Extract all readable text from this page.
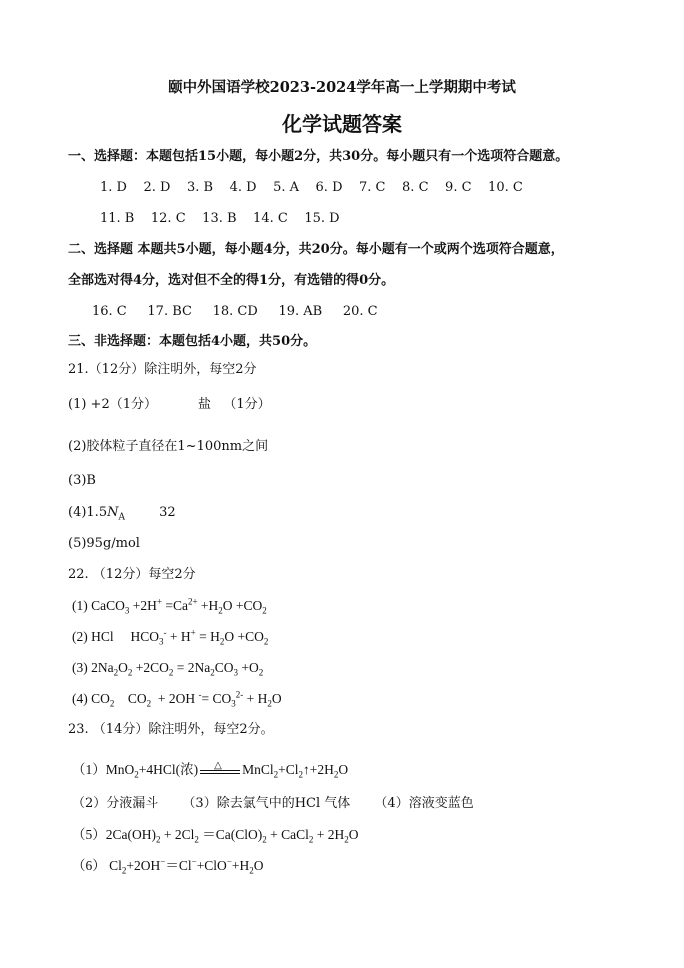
颐中外国语学校2023-2024学年高一上学期期中考试
化学试题答案
一、选择题：本题包括15小题，每小题2分，共30分。每小题只有一个选项符合题意。
1. D    2. D    3. B    4. D    5. A    6. D    7. C    8. C    9. C    10. C
11. B    12. C    13. B    14. C    15. D
二、选择题 本题共5小题，每小题4分，共20分。每小题有一个或两个选项符合题意，
全部选对得4分，选对但不全的得1分，有选错的得0分。
16. C     17. BC     18. CD     19. AB     20. C
三、非选择题：本题包括4小题，共50分。
21.（12分）除注明外，每空2分
(1) +2（1分）	盐   （1分）
(2)胶体粒子直径在1~100nm之间
(3)B
$(4)1.5N_A$	32
(5)95g/mol
22. （12分）每空2分
(1) CaCO$_3$ $+2H^+ =Ca^{2+} +H_2O +CO_2$
(2) HCl     $HCO_3^- + H^+ = H_2O +CO_2$
(3) $2Na_2O_2 +2CO_2 = 2Na_2CO_3 +O_2$
(4) $CO_2$ $CO_2 + 2OH$ $^-= CO_3^{2-} + H_2O$
23. （14分）除注明外，每空2分。
（1）MnO$_2$+4HCl(浓) △ $MnCl_2+Cl_2↑+2H_2O$
（2）分液漏斗 （3）除去氯气中的HCl 气体 （4）溶液变蓝色
$(5)2Ca(OH)_2 + 2Cl_2 =Ca(ClO)_2$ + CaCl$_2$ + $2H_2O$
（6） $Cl_2+2OH^-=Cl^-+ClO^-+H_2O$
